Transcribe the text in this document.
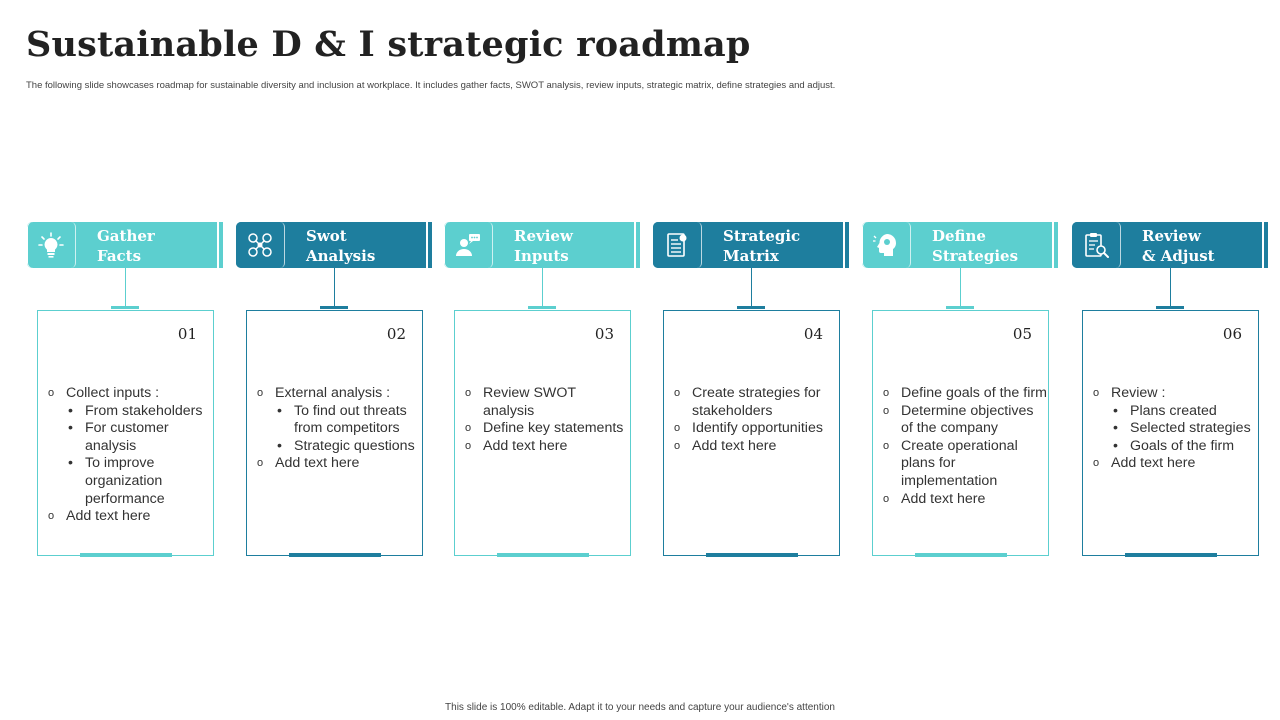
Sustainable D & I strategic roadmap

The following slide showcases roadmap for sustainable diversity and inclusion at workplace. It includes gather facts, SWOT analysis, review inputs, strategic matrix, define strategies and adjust.

Gather
Facts

01
o Collect inputs :
• From stakeholders
• For customer analysis
• To improve organization performance
o Add text here

Swot
Analysis

02
o External analysis :
• To find out threats from competitors
• Strategic questions
o Add text here

Review
Inputs

03
o Review SWOT analysis
o Define key statements
o Add text here

Strategic
Matrix

04
o Create strategies for stakeholders
o Identify opportunities
o Add text here

Define
Strategies

05
o Define goals of the firm
o Determine objectives of the company
o Create operational plans for implementation
o Add text here

Review
& Adjust

06
o Review :
• Plans created
• Selected strategies
• Goals of the firm
o Add text here
This slide is 100% editable. Adapt it to your needs and capture your audience's attention
